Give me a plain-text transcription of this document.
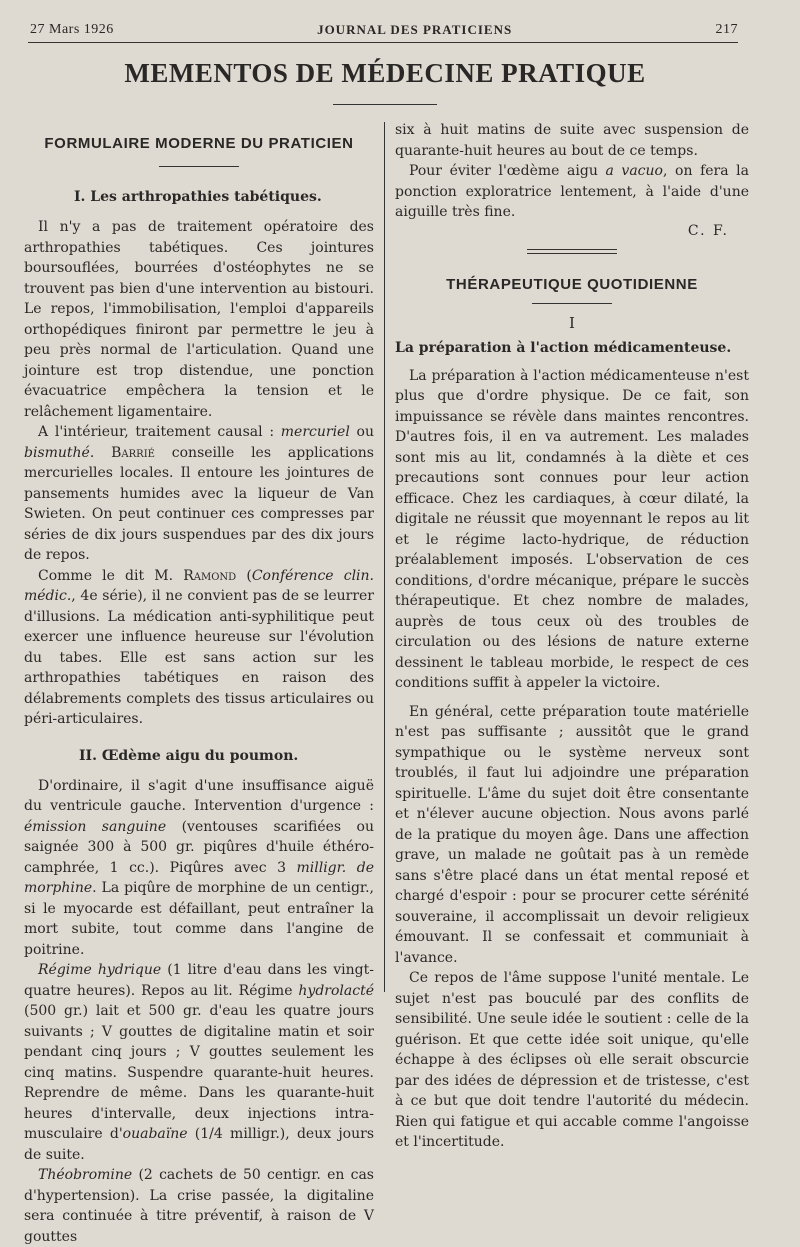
27 Mars 1926	JOURNAL DES PRATICIENS	217
MEMENTOS DE MÉDECINE PRATIQUE
FORMULAIRE MODERNE DU PRATICIEN

I. Les arthropathies tabétiques.

Il n'y a pas de traitement opératoire des arthropathies tabétiques. Ces jointures boursouflées, bourrées d'ostéophytes ne se trouvent pas bien d'une intervention au bistouri. Le repos, l'immobilisation, l'emploi d'appareils orthopédiques finiront par permettre le jeu à peu près normal de l'articulation. Quand une jointure est trop distendue, une ponction évacuatrice empêchera la tension et le relâchement ligamentaire.

A l'intérieur, traitement causal : mercuriel ou bismuthé. Barrié conseille les applications mercurielles locales. Il entoure les jointures de pansements humides avec la liqueur de Van Swieten. On peut continuer ces compresses par séries de dix jours suspendues par des dix jours de repos.

Comme le dit M. Ramond (Conférence clin. médic., 4e série), il ne convient pas de se leurrer d'illusions. La médication anti-syphilitique peut exercer une influence heureuse sur l'évolution du tabes. Elle est sans action sur les arthropathies tabétiques en raison des délabrements complets des tissus articulaires ou péri-articulaires.

II. Œdème aigu du poumon.

D'ordinaire, il s'agit d'une insuffisance aiguë du ventricule gauche. Intervention d'urgence : émission sanguine (ventouses scarifiées ou saignée 300 à 500 gr. piqûres d'huile éthéro-camphrée, 1 cc.). Piqûres avec 3 milligr. de morphine. La piqûre de morphine de un centigr., si le myocarde est défaillant, peut entraîner la mort subite, tout comme dans l'angine de poitrine.

Régime hydrique (1 litre d'eau dans les vingt-quatre heures). Repos au lit. Régime hydrolacté (500 gr.) lait et 500 gr. d'eau les quatre jours suivants ; V gouttes de digitaline matin et soir pendant cinq jours ; V gouttes seulement les cinq matins. Suspendre quarante-huit heures. Reprendre de même. Dans les quarante-huit heures d'intervalle, deux injections intra-musculaire d'ouabaïne (1/4 milligr.), deux jours de suite.

Théobromine (2 cachets de 50 centigr. en cas d'hypertension). La crise passée, la digitaline sera continuée à titre préventif, à raison de V gouttes

six à huit matins de suite avec suspension de quarante-huit heures au bout de ce temps.

Pour éviter l'œdème aigu a vacuo, on fera la ponction exploratrice lentement, à l'aide d'une aiguille très fine.

C. F.

THÉRAPEUTIQUE QUOTIDIENNE

I

La préparation à l'action médicamenteuse.

La préparation à l'action médicamenteuse n'est plus que d'ordre physique. De ce fait, son impuissance se révèle dans maintes rencontres. D'autres fois, il en va autrement. Les malades sont mis au lit, condamnés à la diète et ces precautions sont connues pour leur action efficace. Chez les cardiaques, à cœur dilaté, la digitale ne réussit que moyennant le repos au lit et le régime lacto-hydrique, de réduction préalablement imposés. L'observation de ces conditions, d'ordre mécanique, prépare le succès thérapeutique. Et chez nombre de malades, auprès de tous ceux où des troubles de circulation ou des lésions de nature externe dessinent le tableau morbide, le respect de ces conditions suffit à appeler la victoire.

En général, cette préparation toute matérielle n'est pas suffisante ; aussitôt que le grand sympathique ou le système nerveux sont troublés, il faut lui adjoindre une préparation spirituelle. L'âme du sujet doit être consentante et n'élever aucune objection. Nous avons parlé de la pratique du moyen âge. Dans une affection grave, un malade ne goûtait pas à un remède sans s'être placé dans un état mental reposé et chargé d'espoir : pour se procurer cette sérénité souveraine, il accomplissait un devoir religieux émouvant. Il se confessait et communiait à l'avance.

Ce repos de l'âme suppose l'unité mentale. Le sujet n'est pas bouculé par des conflits de sensibilité. Une seule idée le soutient : celle de la guérison. Et que cette idée soit unique, qu'elle échappe à des éclipses où elle serait obscurcie par des idées de dépression et de tristesse, c'est à ce but que doit tendre l'autorité du médecin. Rien qui fatigue et qui accable comme l'angoisse et l'incertitude.
